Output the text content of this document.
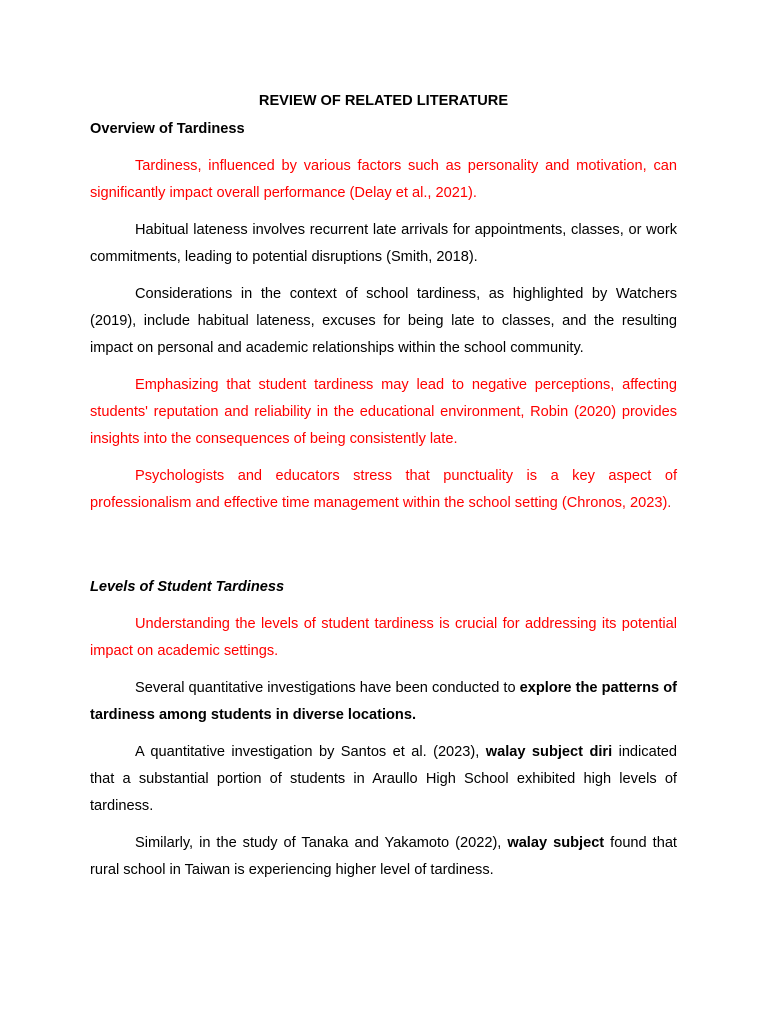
REVIEW OF RELATED LITERATURE
Overview of Tardiness

Tardiness, influenced by various factors such as personality and motivation, can significantly impact overall performance (Delay et al., 2021).

Habitual lateness involves recurrent late arrivals for appointments, classes, or work commitments, leading to potential disruptions (Smith, 2018).

Considerations in the context of school tardiness, as highlighted by Watchers (2019), include habitual lateness, excuses for being late to classes, and the resulting impact on personal and academic relationships within the school community.

Emphasizing that student tardiness may lead to negative perceptions, affecting students' reputation and reliability in the educational environment, Robin (2020) provides insights into the consequences of being consistently late.

Psychologists and educators stress that punctuality is a key aspect of professionalism and effective time management within the school setting (Chronos, 2023).

Levels of Student Tardiness

Understanding the levels of student tardiness is crucial for addressing its potential impact on academic settings.

Several quantitative investigations have been conducted to explore the patterns of tardiness among students in diverse locations.

A quantitative investigation by Santos et al. (2023), walay subject diri indicated that a substantial portion of students in Araullo High School exhibited high levels of tardiness.

Similarly, in the study of Tanaka and Yakamoto (2022), walay subject found that rural school in Taiwan is experiencing higher level of tardiness.
